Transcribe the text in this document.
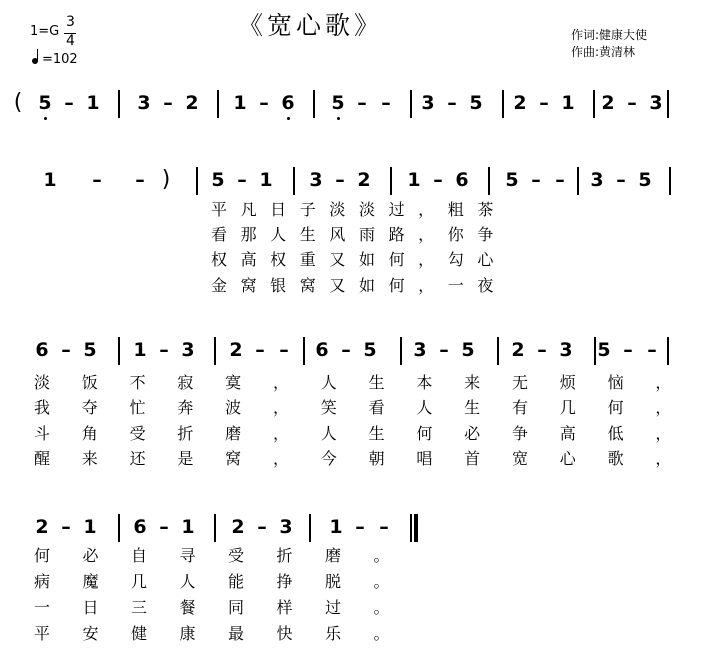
《宽心歌》
1=G
3
4
=102
作词:健康大使
作曲:黄清林
( 5 – 1 3 – 2 1 – 6 5 – –	3 – 5 2 – 1 2 – 3
1	–	– )	5 – 1 3 – 2 1 – 6 5 – –	3 – 5
6 – 5 1 – 3 2 – –	6 – 5 3 – 5 2 – 3 5 – –
2 – 1 6 – 1 2 – 3 1 – –
平 凡 日 子 淡 淡 过 ， 粗 茶
看 那 人 生 风 雨 路 ， 你 争
权 高 权 重 又 如 何 ， 勾 心
金 窝 银 窝 又 如 何 ， 一 夜
淡	饭	不	寂	寞	，	人	生	本	来	无	烦	恼	，
我	夺	忙	奔	波	，	笑	看	人	生	有	几	何	，
斗	角	受	折	磨	，	人	生	何	必	争	高	低	，
醒	来	还	是	窝	，	今	朝	唱	首	宽	心	歌	，
何	必	自	寻	受	折	磨	。
病	魔	几	人	能	挣	脱	。
一	日	三	餐	同	样	过	。
平	安	健	康	最	快	乐	。
